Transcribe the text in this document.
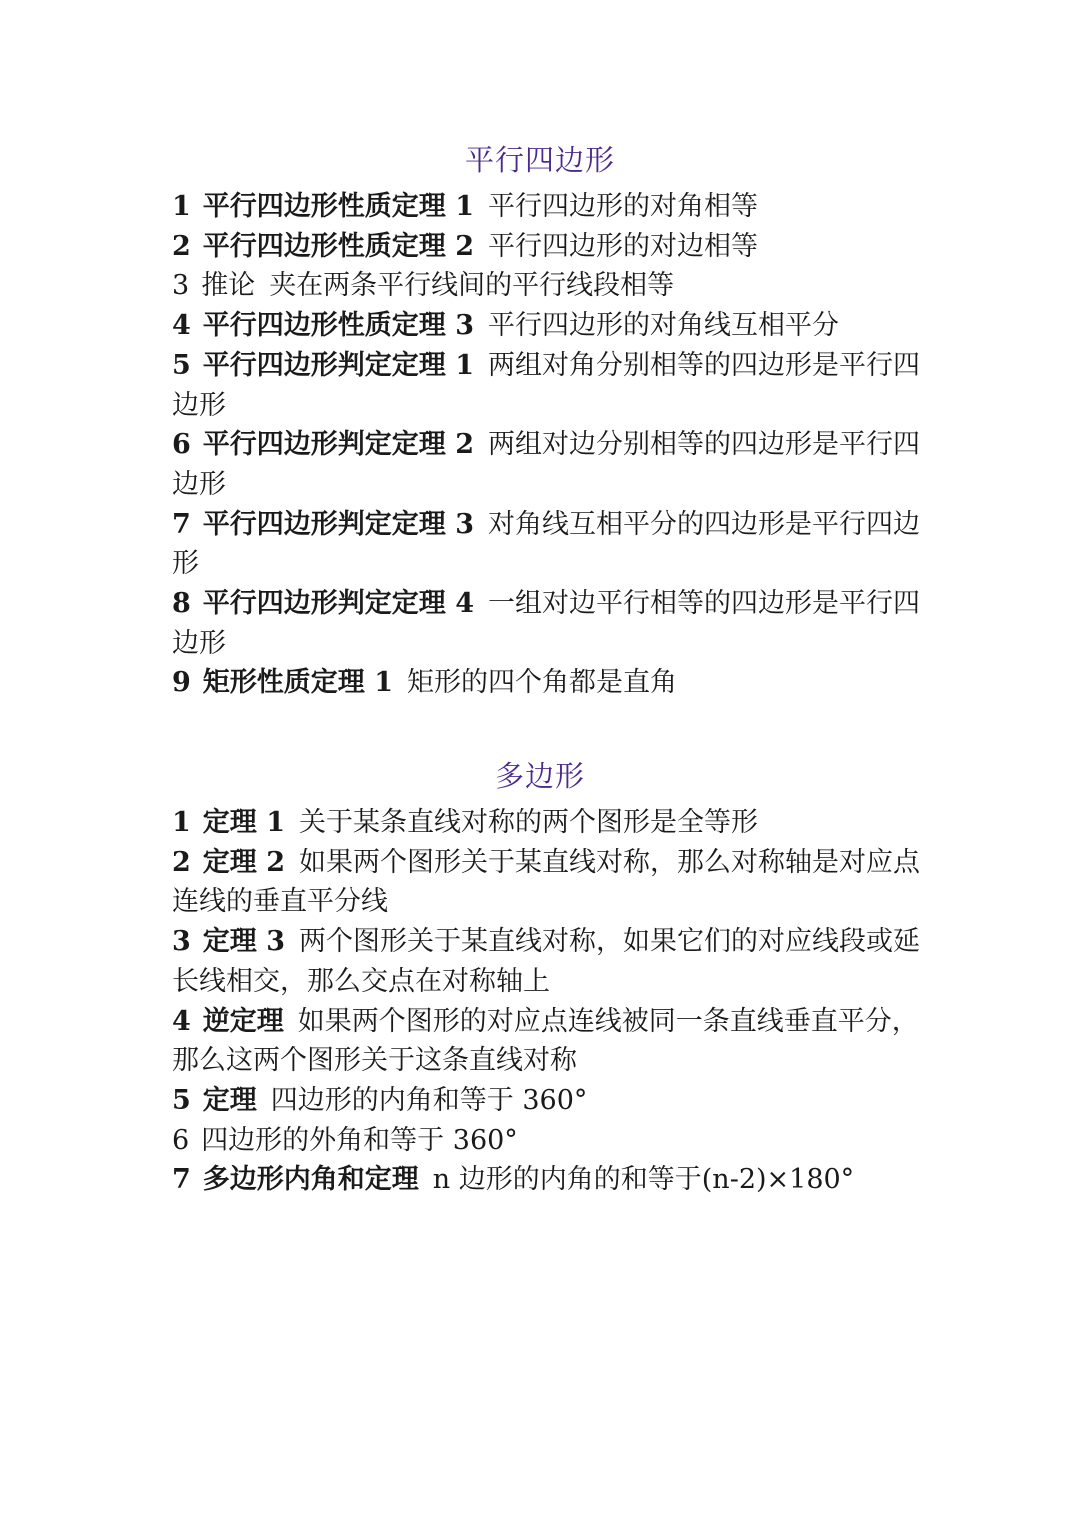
平行四边形
1 平行四边形性质定理 1 平行四边形的对角相等
2 平行四边形性质定理 2 平行四边形的对边相等
3 推论 夹在两条平行线间的平行线段相等
4 平行四边形性质定理 3 平行四边形的对角线互相平分
5 平行四边形判定定理 1 两组对角分别相等的四边形是平行四边形
6 平行四边形判定定理 2 两组对边分别相等的四边形是平行四边形
7 平行四边形判定定理 3 对角线互相平分的四边形是平行四边形
8 平行四边形判定定理 4 一组对边平行相等的四边形是平行四边形
9 矩形性质定理 1 矩形的四个角都是直角
多边形
1 定理 1 关于某条直线对称的两个图形是全等形
2 定理 2 如果两个图形关于某直线对称，那么对称轴是对应点连线的垂直平分线
3 定理 3 两个图形关于某直线对称，如果它们的对应线段或延长线相交，那么交点在对称轴上
4 逆定理 如果两个图形的对应点连线被同一条直线垂直平分，那么这两个图形关于这条直线对称
5 定理 四边形的内角和等于 360°
6 四边形的外角和等于 360°
7 多边形内角和定理 n 边形的内角的和等于(n-2)×180°
